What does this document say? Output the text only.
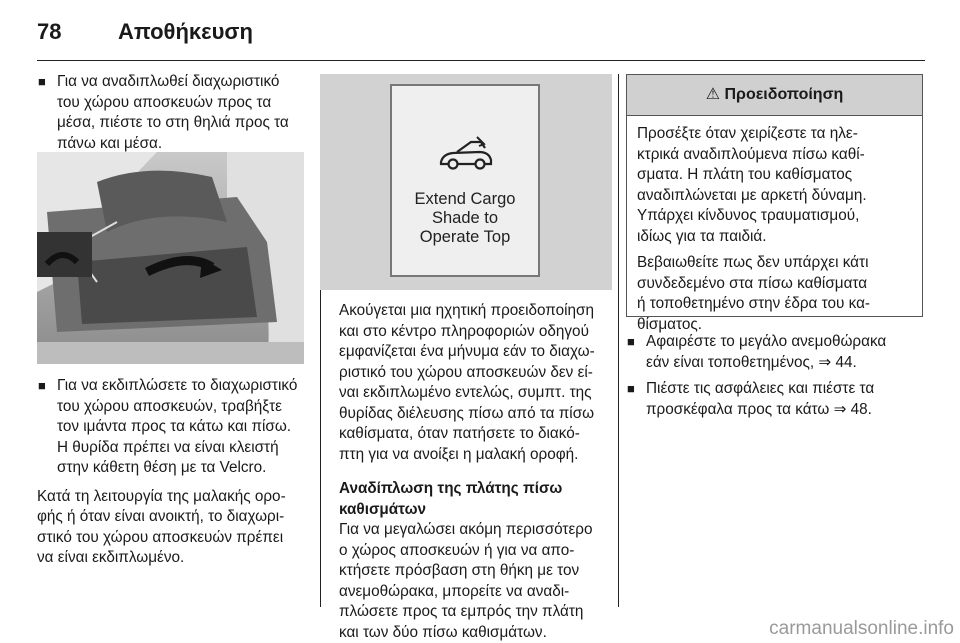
78	Αποθήκευση
■ Για να αναδιπλωθεί διαχωριστικό
του χώρου αποσκευών προς τα
μέσα, πιέστε το στη θηλιά προς τα
πάνω και μέσα.
■ Για να εκδιπλώσετε το διαχωριστικό
του χώρου αποσκευών, τραβήξτε
τον ιμάντα προς τα κάτω και πίσω.
Η θυρίδα πρέπει να είναι κλειστή
στην κάθετη θέση με τα Velcro.

Κατά τη λειτουργία της μαλακής ορο-
φής ή όταν είναι ανοικτή, το διαχωρι-
στικό του χώρου αποσκευών πρέπει
να είναι εκδιπλωμένο.

Extend Cargo
Shade to
Operate Top

Ακούγεται μια ηχητική προειδοποίηση
και στο κέντρο πληροφοριών οδηγού
εμφανίζεται ένα μήνυμα εάν το διαχω-
ριστικό του χώρου αποσκευών δεν εί-
ναι εκδιπλωμένο εντελώς, συμπτ. της
θυρίδας διέλευσης πίσω από τα πίσω
καθίσματα, όταν πατήσετε το διακό-
πτη για να ανοίξει η μαλακή οροφή.

Αναδίπλωση της πλάτης πίσω
καθισμάτων

Για να μεγαλώσει ακόμη περισσότερο
ο χώρος αποσκευών ή για να απο-
κτήσετε πρόσβαση στη θήκη με τον
ανεμοθώρακα, μπορείτε να αναδι-
πλώσετε προς τα εμπρός την πλάτη
και των δύο πίσω καθισμάτων.

⚠ Προειδοποίηση

Προσέξτε όταν χειρίζεστε τα ηλε-
κτρικά αναδιπλούμενα πίσω καθί-
σματα. Η πλάτη του καθίσματος
αναδιπλώνεται με αρκετή δύναμη.
Υπάρχει κίνδυνος τραυματισμού,
ιδίως για τα παιδιά.

Βεβαιωθείτε πως δεν υπάρχει κάτι
συνδεδεμένο στα πίσω καθίσματα
ή τοποθετημένο στην έδρα του κα-
θίσματος.

■ Αφαιρέστε το μεγάλο ανεμοθώρακα
εάν είναι τοποθετημένος, ⇒ 44.
■ Πιέστε τις ασφάλειες και πιέστε τα
προσκέφαλα προς τα κάτω ⇒ 48.
carmanualsonline.info
